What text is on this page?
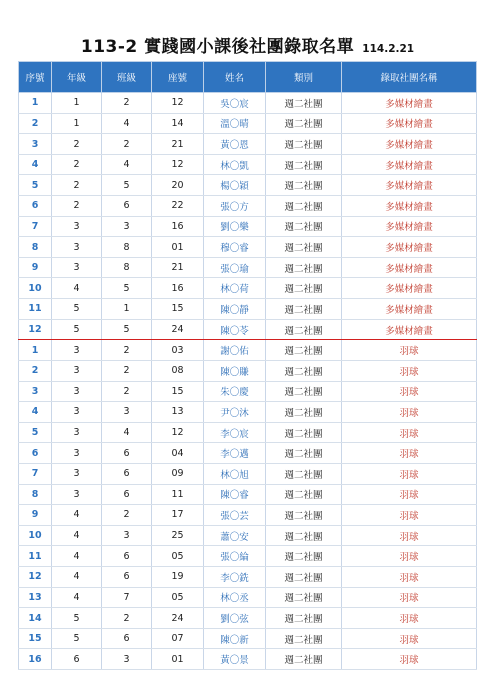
113-2 實踐國小課後社團錄取名單 114.2.21
序號	年級	班級	座號	姓名	類別	錄取社團名稱
1	1	2	12	吳〇宸	週二社團	多媒材繪畫
2	1	4	14	溫〇晴	週二社團	多媒材繪畫
3	2	2	21	黃〇恩	週二社團	多媒材繪畫
4	2	4	12	林〇凱	週二社團	多媒材繪畫
5	2	5	20	楊〇穎	週二社團	多媒材繪畫
6	2	6	22	張〇方	週二社團	多媒材繪畫
7	3	3	16	劉〇樂	週二社團	多媒材繪畫
8	3	8	01	穆〇睿	週二社團	多媒材繪畫
9	3	8	21	張〇瑜	週二社團	多媒材繪畫
10	4	5	16	林〇荷	週二社團	多媒材繪畫
11	5	1	15	陳〇靜	週二社團	多媒材繪畫
12	5	5	24	陳〇苓	週二社團	多媒材繪畫
1	3	2	03	謝〇佑	週二社團	羽球
2	3	2	08	陳〇賺	週二社團	羽球
3	3	2	15	朱〇慶	週二社團	羽球
4	3	3	13	尹〇沐	週二社團	羽球
5	3	4	12	李〇宸	週二社團	羽球
6	3	6	04	李〇邁	週二社團	羽球
7	3	6	09	林〇旭	週二社團	羽球
8	3	6	11	陳〇睿	週二社團	羽球
9	4	2	17	張〇芸	週二社團	羽球
10	4	3	25	蕭〇安	週二社團	羽球
11	4	6	05	張〇綸	週二社團	羽球
12	4	6	19	李〇銑	週二社團	羽球
13	4	7	05	林〇丞	週二社團	羽球
14	5	2	24	劉〇弦	週二社團	羽球
15	5	6	07	陳〇新	週二社團	羽球
16	6	3	01	黃〇景	週二社團	羽球
